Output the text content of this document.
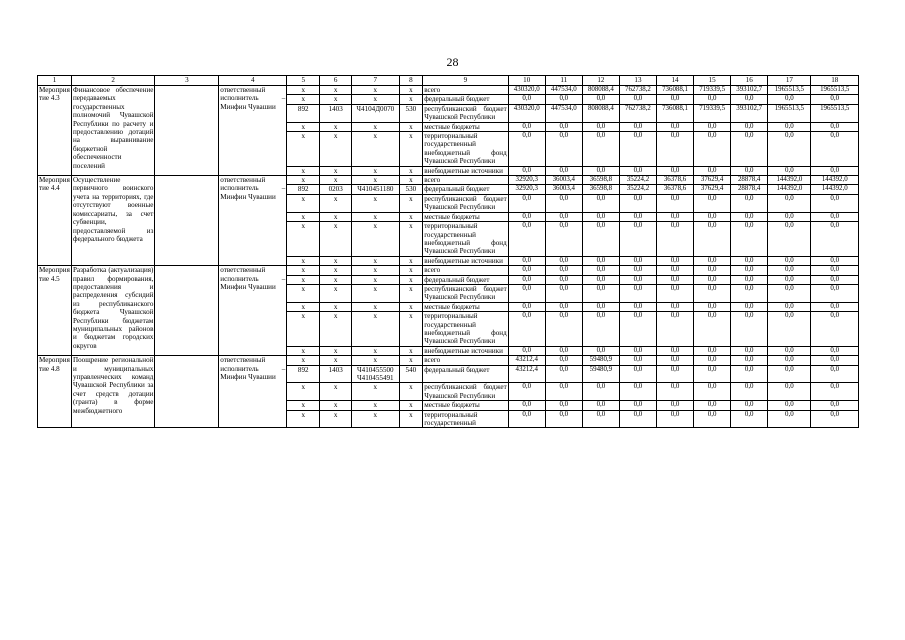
28
1	2	3	4	5	6	7	8	9	10	11	12	13	14	15	16	17	18
Мероприятие 4.3	Финансовое обеспечение передаваемых государственных полномочий Чувашской Республики по расчету и предоставлению дотаций на выравнивание бюджетной обеспеченности поселений		ответственный исполнитель – Минфин Чувашии	x	x	x	x	всего	430320,0	447534,0	808088,4	762738,2	736088,1	719339,5	393102,7	1965513,5	1965513,5
				x	x	x	x	федеральный бюджет	0,0	0,0	0,0	0,0	0,0	0,0	0,0	0,0	0,0
				892	1403	Ч4104Д0070	530	республиканский бюджет Чувашской Республики	430320,0	447534,0	808088,4	762738,2	736088,1	719339,5	393102,7	1965513,5	1965513,5
				x	x	x	x	местные бюджеты	0,0	0,0	0,0	0,0	0,0	0,0	0,0	0,0	0,0
				x	x	x	x	территориальный государственный внебюджетный фонд Чувашской Республики	0,0	0,0	0,0	0,0	0,0	0,0	0,0	0,0	0,0
				x	x	x	x	внебюджетные источники	0,0	0,0	0,0	0,0	0,0	0,0	0,0	0,0	0,0
Мероприятие 4.4	Осуществление первичного воинского учета на территориях, где отсутствуют военные комиссариаты, за счет субвенции, предоставляемой из федерального бюджета		ответственный исполнитель – Минфин Чувашии	x	x	x	x	всего	32920,3	36003,4	36598,8	35224,2	36378,6	37629,4	28878,4	144392,0	144392,0
				892	0203	Ч410451180	530	федеральный бюджет	32920,3	36003,4	36598,8	35224,2	36378,6	37629,4	28878,4	144392,0	144392,0
				x	x	x	x	республиканский бюджет Чувашской Республики	0,0	0,0	0,0	0,0	0,0	0,0	0,0	0,0	0,0
				x	x	x	x	местные бюджеты	0,0	0,0	0,0	0,0	0,0	0,0	0,0	0,0	0,0
				x	x	x	x	территориальный государственный внебюджетный фонд Чувашской Республики	0,0	0,0	0,0	0,0	0,0	0,0	0,0	0,0	0,0
				x	x	x	x	внебюджетные источники	0,0	0,0	0,0	0,0	0,0	0,0	0,0	0,0	0,0
Мероприятие 4.5	Разработка (актуализация) правил формирования, предоставления и распределения субсидий из республиканского бюджета Чувашской Республики бюджетам муниципальных районов и бюджетам городских округов		ответственный исполнитель – Минфин Чувашии	x	x	x	x	всего	0,0	0,0	0,0	0,0	0,0	0,0	0,0	0,0	0,0
				x	x	x	x	федеральный бюджет	0,0	0,0	0,0	0,0	0,0	0,0	0,0	0,0	0,0
				x	x	x	x	республиканский бюджет Чувашской Республики	0,0	0,0	0,0	0,0	0,0	0,0	0,0	0,0	0,0
				x	x	x	x	местные бюджеты	0,0	0,0	0,0	0,0	0,0	0,0	0,0	0,0	0,0
				x	x	x	x	территориальный государственный внебюджетный фонд Чувашской Республики	0,0	0,0	0,0	0,0	0,0	0,0	0,0	0,0	0,0
				x	x	x	x	внебюджетные источники	0,0	0,0	0,0	0,0	0,0	0,0	0,0	0,0	0,0
Мероприятие 4.8	Поощрение региональной и муниципальных управленческих команд Чувашской Республики за счет средств дотации (гранта) в форме межбюджетного		ответственный исполнитель – Минфин Чувашии	x	x	x	x	всего	43212,4	0,0	59480,9	0,0	0,0	0,0	0,0	0,0	0,0
				892	1403	Ч410455500 Ч410455491	540	федеральный бюджет	43212,4	0,0	59480,9	0,0	0,0	0,0	0,0	0,0	0,0
				x	x	x	x	республиканский бюджет Чувашской Республики	0,0	0,0	0,0	0,0	0,0	0,0	0,0	0,0	0,0
				x	x	x	x	местные бюджеты	0,0	0,0	0,0	0,0	0,0	0,0	0,0	0,0	0,0
				x	x	x	x	территориальный государственный	0,0	0,0	0,0	0,0	0,0	0,0	0,0	0,0	0,0
